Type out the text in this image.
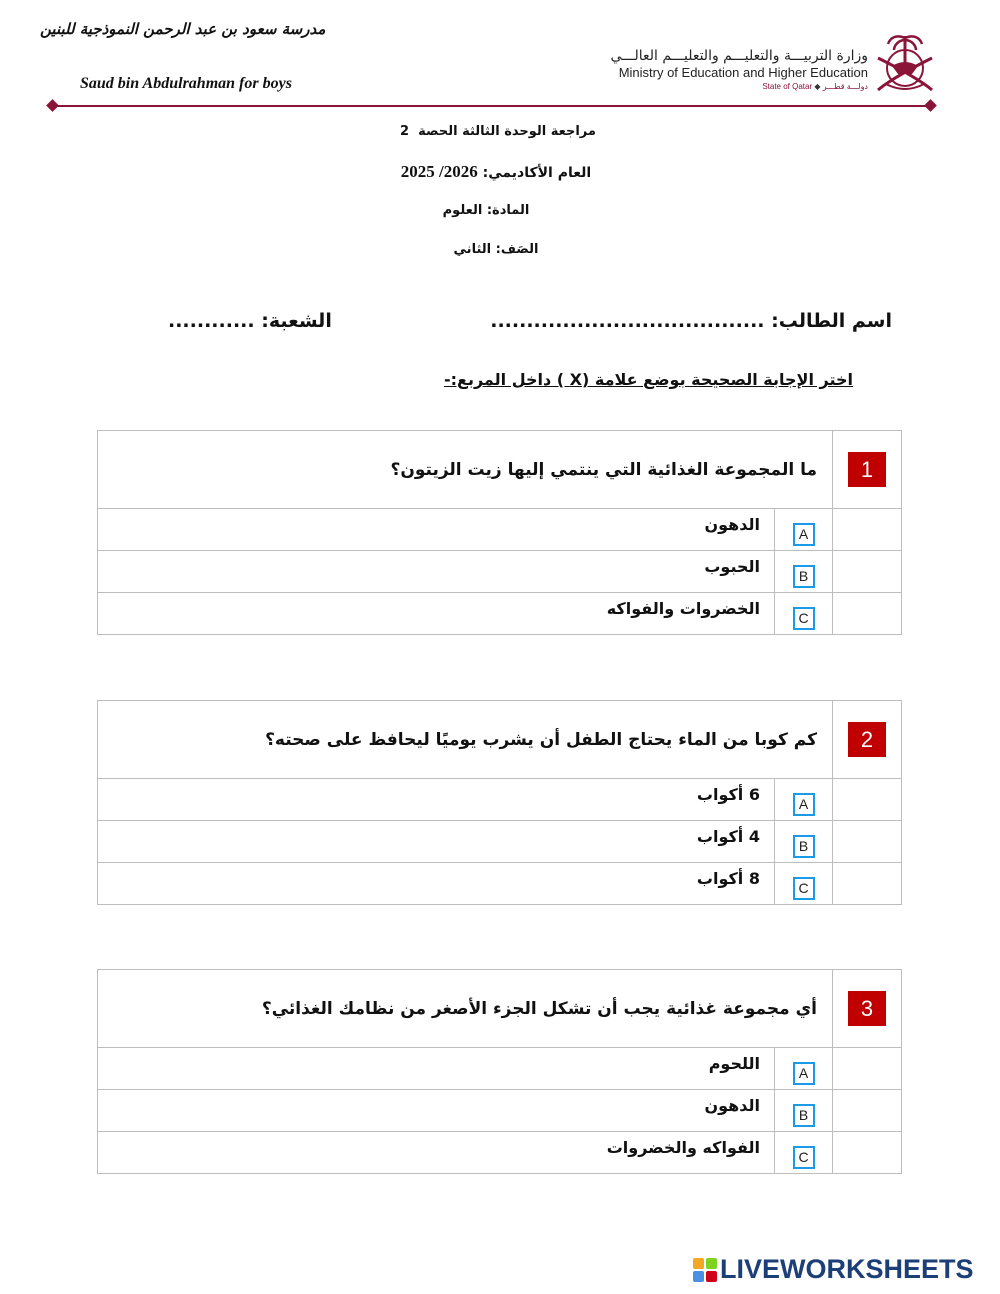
مدرسة سعود بن عبد الرحمن النموذجية للبنين
Saud bin Abdulrahman for boys
وزارة التربيـــة والتعليـــم والتعليـــم العالـــي
Ministry of Education and Higher Education
State of Qatar ◆ دولـــة قطـــر
مراجعة الوحدة الثالثة الحصة  2
العام الأكاديمي: 2025 /2026
المادة: العلوم
الصَف: الثاني
اسم الطالب: ......................................
الشعبة: ............
اختر الإجابة الصحيحة بوضع علامة (X ) داخل المربع:-
1	ما المجموعة الغذائية التي ينتمي إليها زيت الزيتون؟	
	A	الدهون
	B	الحبوب
	C	الخضروات والفواكه
2	كم كوبا من الماء يحتاج الطفل أن يشرب يوميًا ليحافظ على صحته؟	
	A	6 أكواب
	B	4 أكواب
	C	8 أكواب
3	أي مجموعة غذائية يجب أن تشكل الجزء الأصغر من نظامك الغذائي؟	
	A	اللحوم
	B	الدهون
	C	الفواكه والخضروات
LIVEWORKSHEETS
